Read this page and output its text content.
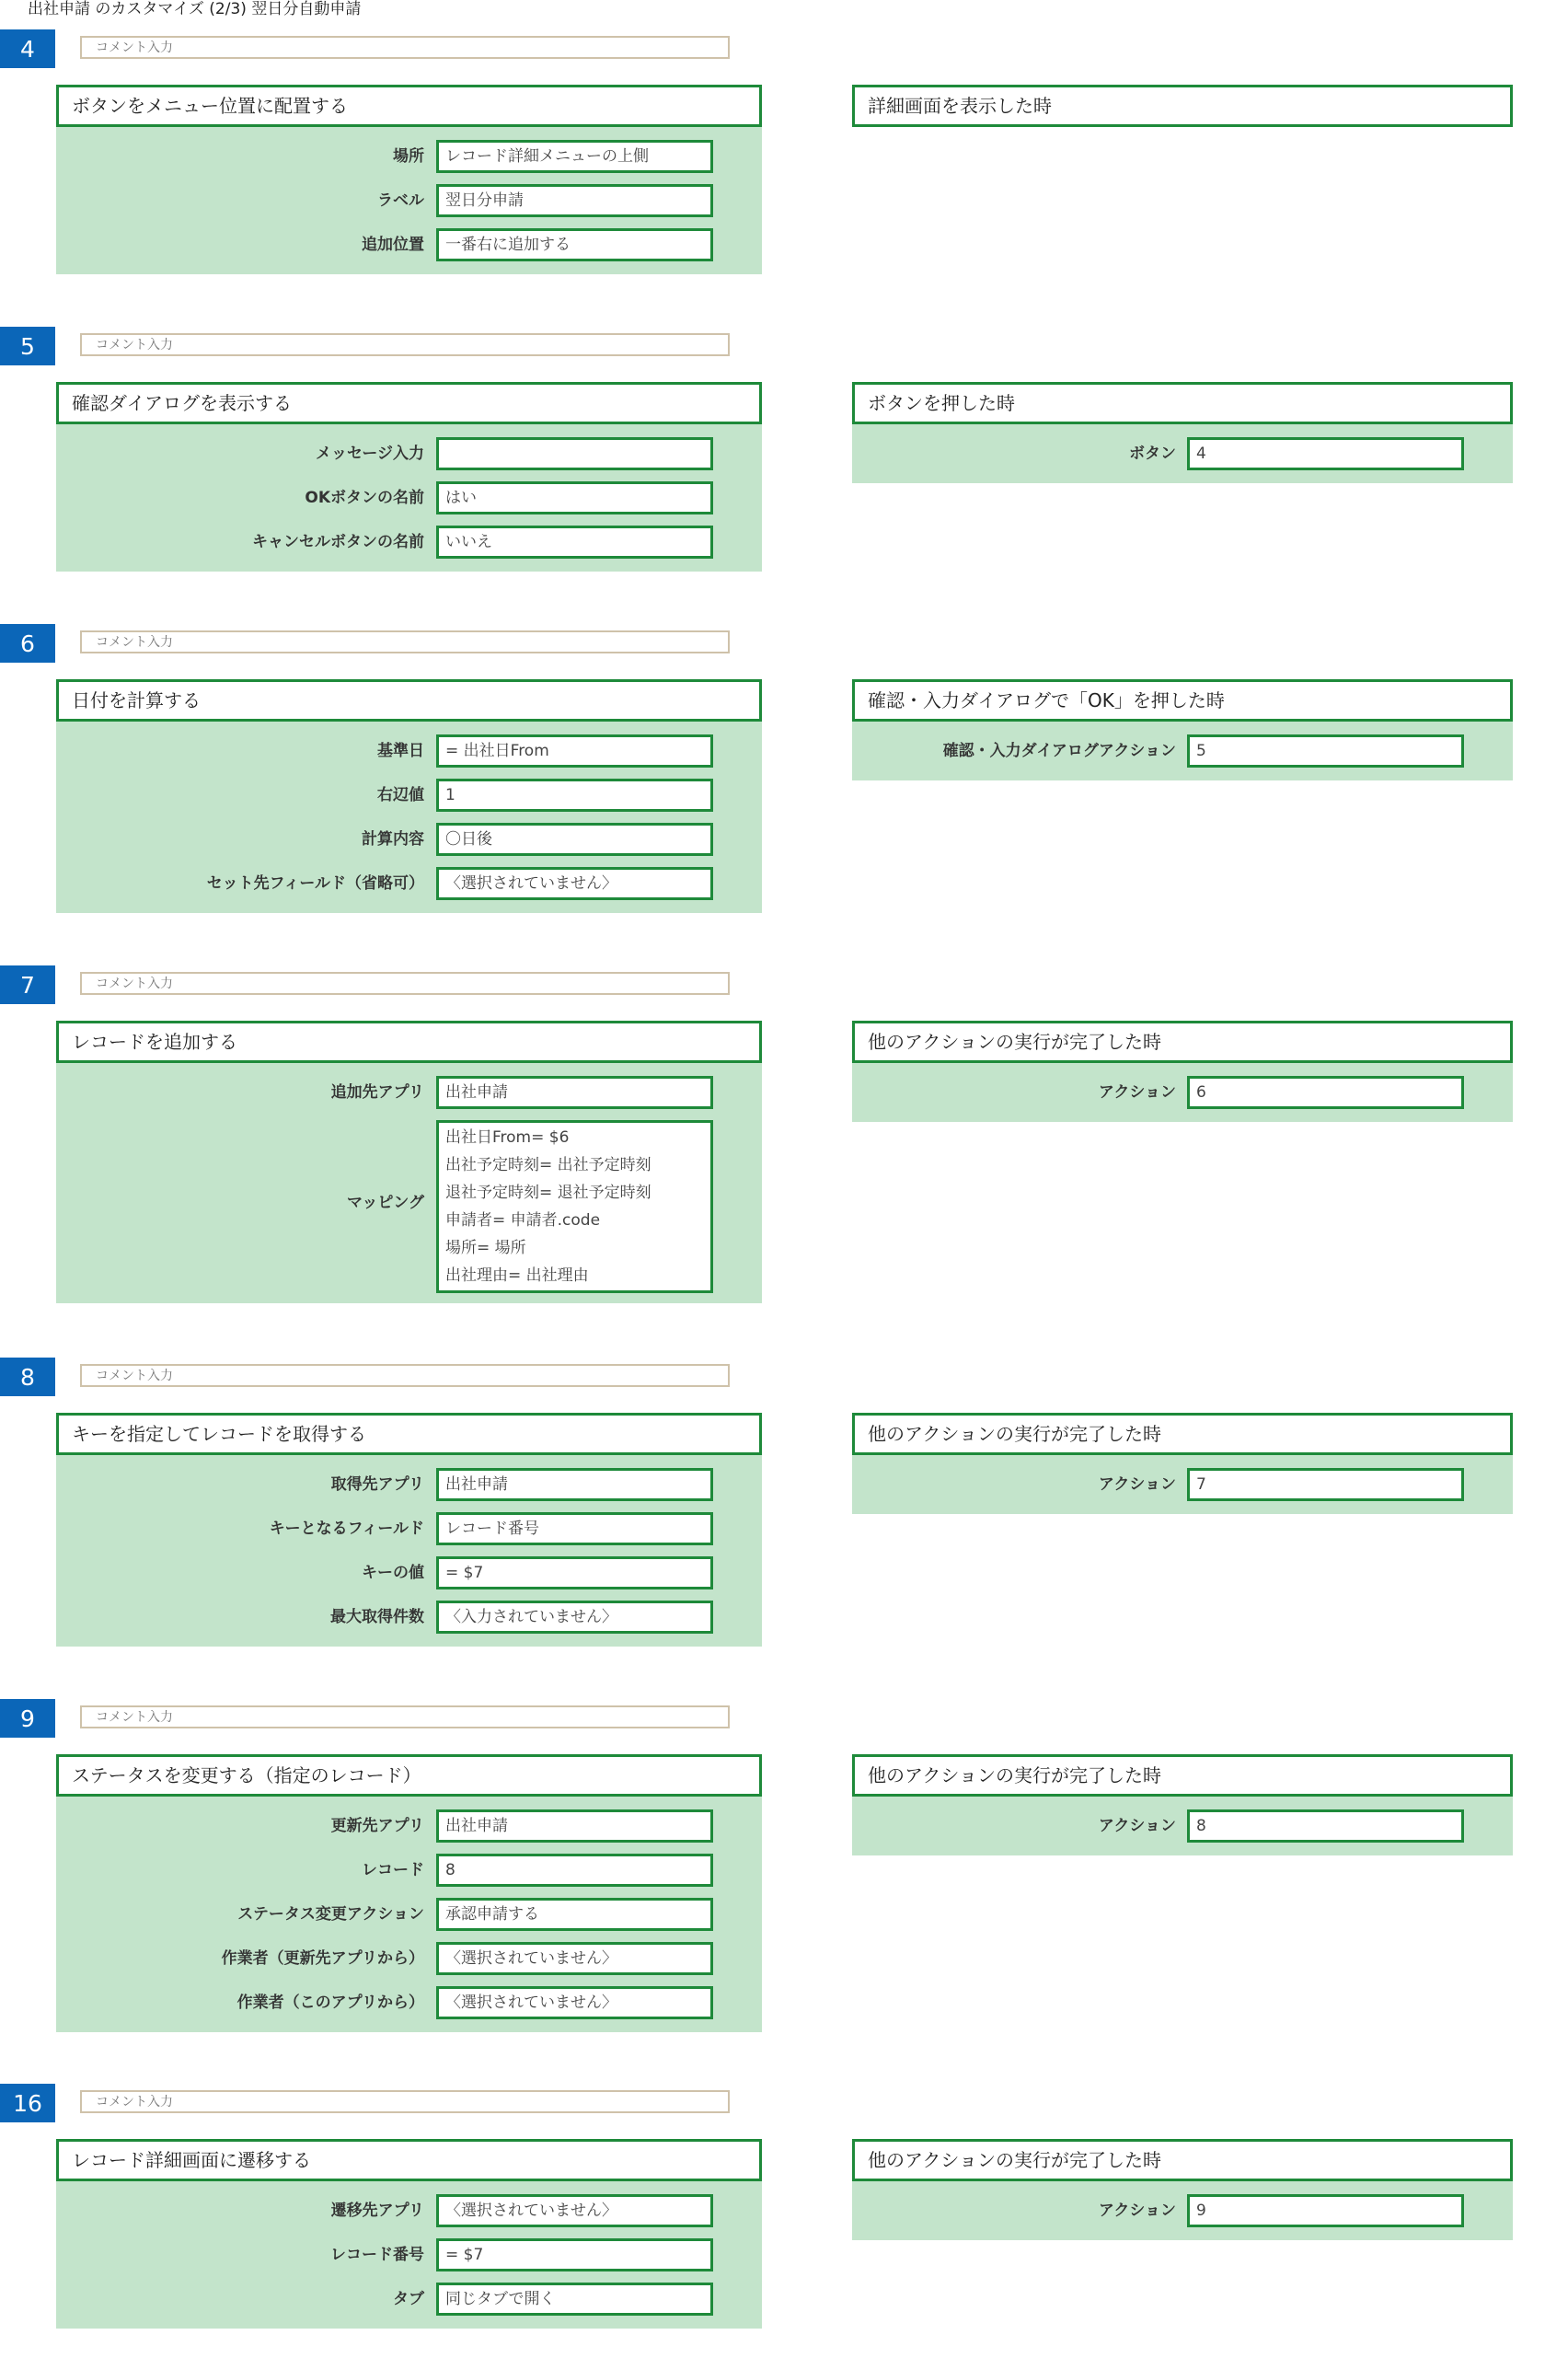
出社申請 のカスタマイズ (2/3) 翌日分自動申請
4
コメント入力
ボタンをメニュー位置に配置する
場所	レコード詳細メニューの上側
ラベル	翌日分申請
追加位置	一番右に追加する
詳細画面を表示した時
5
コメント入力
確認ダイアログを表示する
メッセージ入力
OKボタンの名前	はい
キャンセルボタンの名前	いいえ
ボタンを押した時
ボタン	4
6
コメント入力
日付を計算する
基準日	= 出社日From
右辺値	1
計算内容	〇日後
セット先フィールド（省略可）	〈選択されていません〉
確認・入力ダイアログで「OK」を押した時
確認・入力ダイアログアクション	5
7
コメント入力
レコードを追加する
追加先アプリ	出社申請
マッピング
出社日From= $6
出社予定時刻= 出社予定時刻
退社予定時刻= 退社予定時刻
申請者= 申請者.code
場所= 場所
出社理由= 出社理由
他のアクションの実行が完了した時
アクション	6
8
コメント入力
キーを指定してレコードを取得する
取得先アプリ	出社申請
キーとなるフィールド	レコード番号
キーの値	= $7
最大取得件数	〈入力されていません〉
他のアクションの実行が完了した時
アクション	7
9
コメント入力
ステータスを変更する（指定のレコード）
更新先アプリ	出社申請
レコード	8
ステータス変更アクション	承認申請する
作業者（更新先アプリから）	〈選択されていません〉
作業者（このアプリから）	〈選択されていません〉
他のアクションの実行が完了した時
アクション	8
16
コメント入力
レコード詳細画面に遷移する
遷移先アプリ	〈選択されていません〉
レコード番号	= $7
タブ	同じタブで開く
他のアクションの実行が完了した時
アクション	9
